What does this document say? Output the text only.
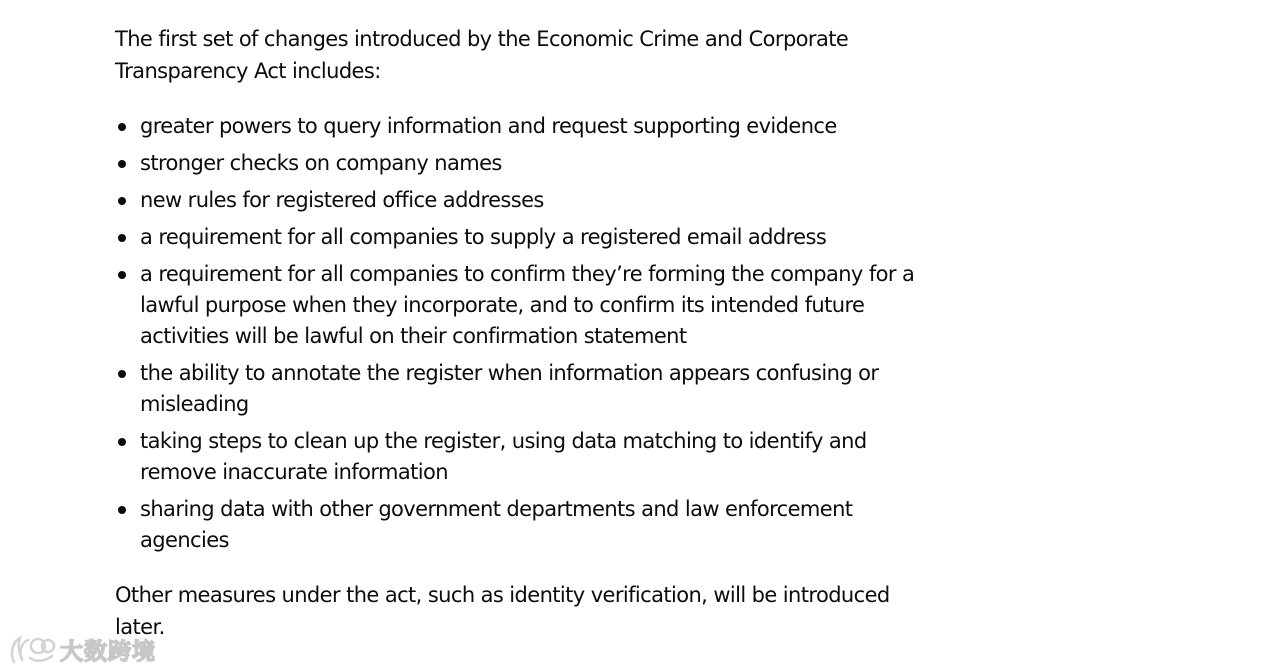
The first set of changes introduced by the Economic Crime and Corporate Transparency Act includes:

greater powers to query information and request supporting evidence
stronger checks on company names
new rules for registered office addresses
a requirement for all companies to supply a registered email address
a requirement for all companies to confirm they’re forming the company for a lawful purpose when they incorporate, and to confirm its intended future activities will be lawful on their confirmation statement
the ability to annotate the register when information appears confusing or misleading
taking steps to clean up the register, using data matching to identify and remove inaccurate information
sharing data with other government departments and law enforcement agencies

Other measures under the act, such as identity verification, will be introduced later.

大数跨境
